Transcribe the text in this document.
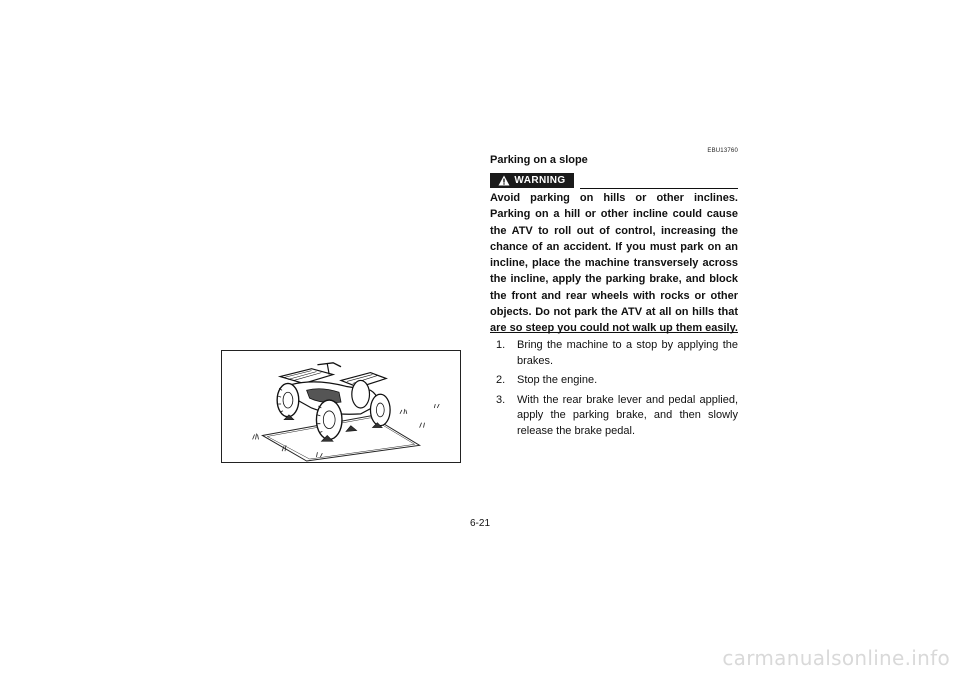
EBU13760
Parking on a slope
WARNING
Avoid parking on hills or other inclines. Parking on a hill or other incline could cause the ATV to roll out of control, increasing the chance of an accident. If you must park on an incline, place the machine transversely across the incline, apply the parking brake, and block the front and rear wheels with rocks or other objects. Do not park the ATV at all on hills that are so steep you could not walk up them easily.
1. Bring the machine to a stop by applying the brakes.
2. Stop the engine.
3. With the rear brake lever and pedal applied, apply the parking brake, and then slowly release the brake pedal.
6-21
carmanualsonline.info
